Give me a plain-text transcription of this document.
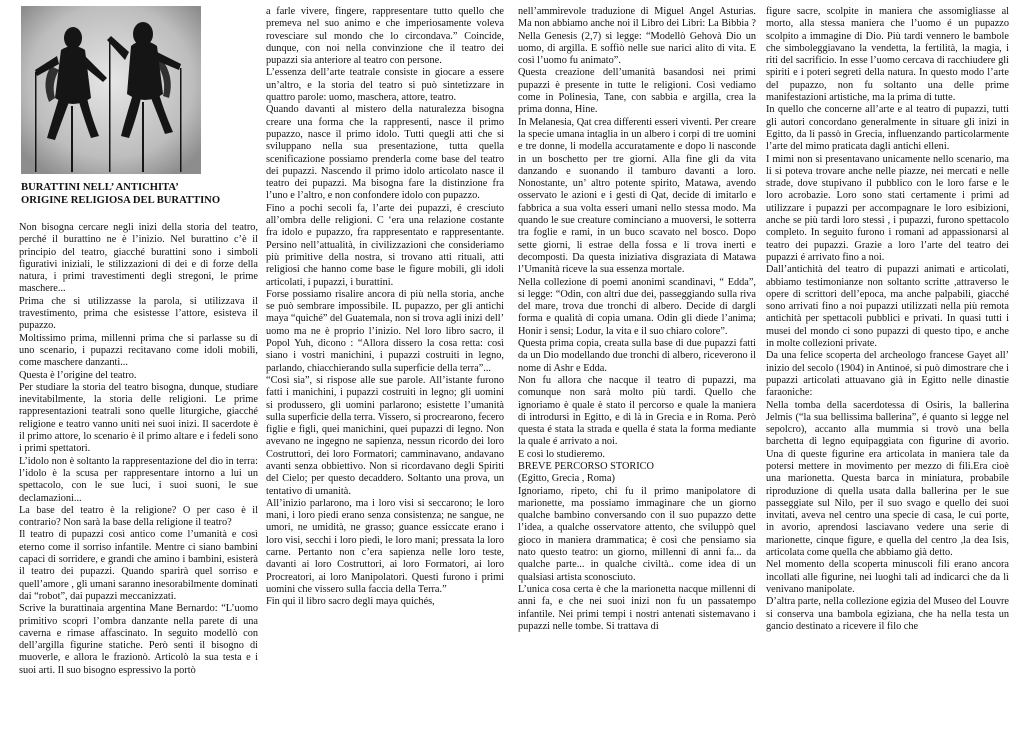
BURATTINI NELL’ ANTICHITA’
ORIGINE RELIGIOSA DEL BURATTINO

Non bisogna cercare negli inizi della storia del teatro, perché il burattino ne è l’inizio. Nel burattino c’è il principio del teatro, giacché burattini sono i simboli figurativi iniziali, le stilizzazioni di dei e di forze della natura, i primi travestimenti degli stregoni, le prime maschere...

Prima che si utilizzasse la parola, si utilizzava il travestimento, prima che esistesse l’attore, esisteva il pupazzo.

Moltissimo prima, millenni prima che si parlasse su di uno scenario, i pupazzi recitavano come idoli mobili, come maschere danzanti...

Questa è l’origine del teatro.

Per studiare la storia del teatro bisogna, dunque, studiare inevitabilmente, la storia delle religioni. Le prime rappresentazioni teatrali sono quelle liturgiche, giacché religione e teatro vanno uniti nei suoi inizi. Il sacerdote è il primo attore, lo scenario è il primo altare e i fedeli sono i primi spettatori.

L’idolo non è soltanto la rappresentazione del dio in terra: l’idolo è la scusa per rappresentare intorno a lui un spettacolo, con le sue luci, i suoi suoni, le sue declamazioni...

La base del teatro è la religione? O per caso è il contrario? Non sarà la base della religione il teatro?

Il teatro di pupazzi così antico come l’umanità e così eterno come il sorriso infantile. Mentre ci siano bambini capaci di sorridere, e grandi che amino i bambini, esisterà il teatro dei pupazzi. Quando sparirà quel sorriso e quell’amore , gli umani saranno inesorabilmente dominati dai “robot”, dai pupazzi meccanizzati.

Scrive la burattinaia argentina Mane Bernardo: “L’uomo primitivo scoprì l’ombra danzante nella parete di una caverna e rimase affascinato. In seguito modellò con dell’argilla figurine statiche. Però senti il bisogno di muoverle, e allora le frazionò. Articolò la sua testa e i suoi arti. Il suo bisogno espressivo la portò

a farle vivere, fingere, rappresentare tutto quello che premeva nel suo animo e che imperiosamente voleva rovesciare sul mondo che lo circondava.” Coincide, dunque, con noi nella convinzione che il teatro dei pupazzi sia anteriore al teatro con persone.

L’essenza dell’arte teatrale consiste in giocare a essere un’altro, e la storia del teatro si può sintetizzare in quattro parole: uomo, maschera, attore, teatro.

Quando davanti al mistero della naturalezza bisogna creare una forma che la rappresenti, nasce il primo pupazzo, nasce il primo idolo. Tutti quegli atti che si sviluppano nella sua presentazione, tutta quella scenificazione possiamo prenderla come base del teatro dei pupazzi. Nascendo il primo idolo articolato nasce il teatro dei pupazzi. Ma bisogna fare la distinzione fra l’uno e l’altro, e non confondere idolo con pupazzo.

Fino a pochi secoli fa, l’arte dei pupazzi, é cresciuto all’ombra delle religioni. C ‘era una relazione costante fra idolo e pupazzo, fra rappresentato e rappresentante. Persino nell’attualità, in civilizzazioni che consideriamo più primitive della nostra, si trovano atti rituali, atti religiosi che hanno come base le figure mobili, gli idoli articolati, i pupazzi, i burattini.

Forse possiamo risalire ancora di più nella storia, anche se può sembrare impossibile. IL pupazzo, per gli antichi maya “quiché” del Guatemala, non si trova agli inizi dell’ uomo ma ne è proprio l’inizio. Nel loro libro sacro, il Popol Yuh, dicono : “Allora dissero la cosa retta: così siano i vostri manichini, i pupazzi costruiti in legno, parlando, chiacchierando sulla superficie della terra”...

“Così sia”, si rispose alle sue parole. All’istante furono fatti i manichini, i pupazzi costruiti in legno; gli uomini si produssero, gli uomini parlarono; esistette l’umanità sulla superficie della terra. Vissero, si procrearono, fecero figlie e figli, quei manichini, quei pupazzi di legno. Non avevano ne ingegno ne sapienza, nessun ricordo dei loro Costruttori, dei loro Formatori; camminavano, andavano avanti senza obbiettivo. Non si ricordavano degli Spiriti del Cielo; per questo decaddero. Soltanto una prova, un tentativo di umanità.

All’inizio parlarono, ma i loro visi si seccarono; le loro mani, i loro piedi erano senza consistenza; ne sangue, ne umori, ne umidità, ne grasso; guance essiccate erano i loro visi, secchi i loro piedi, le loro mani; pressata la loro carne. Pertanto non c’era sapienza nelle loro teste, davanti ai loro Costruttori, ai loro Formatori, ai loro Procreatori, ai loro Manipolatori. Questi furono i primi uomini che vissero sulla faccia della Terra.”

Fin qui il libro sacro degli maya quichés,

nell’ammirevole traduzione di Miguel Angel Asturias. Ma non abbiamo anche noi il Libro dei Libri: La Bibbia ? Nella Genesis (2,7) si legge: “Modellò Gehovà Dio un uomo, di argilla. E soffiò nelle sue narici alito di vita. E così l’uomo fu animato”.

Questa creazione dell’umanità basandosi nei primi pupazzi è presente in tutte le religioni. Così vediamo come in Polinesia, Tane, con sabbia e argilla, crea la prima donna, Hine.

In Melanesia, Qat crea differenti esseri viventi. Per creare la specie umana intaglia in un albero i corpi di tre uomini e tre donne, li modella accuratamente e dopo li nasconde in un boschetto per tre giorni. Alla fine gli da vita danzando e suonando il tamburo davanti a loro. Nonostante, un’ altro potente spirito, Matawa, avendo osservato le azioni e i gesti di Qat, decide di imitarlo e fabbrica a sua volta esseri umani nello stessa modo. Ma quando le sue creature cominciano a muoversi, le sotterra tra foglie e rami, in un buco scavato nel bosco. Dopo sette giorni, li estrae della fossa e li trova inerti e decomposti. Da questa iniziativa disgraziata di Matawa l’Umanità riceve la sua essenza mortale.

Nella collezione di poemi anonimi scandinavi, “ Edda”, si legge: “Odin, con altri due dei, passeggiando sulla riva del mare, trova due tronchi di albero. Decide di dargli forma e qualità di copia umana. Odin gli diede l’anima; Honir i sensi; Lodur, la vita e il suo chiaro colore”.

Questa prima copia, creata sulla base di due pupazzi fatti da un Dio modellando due tronchi di albero, riceverono il nome di Ashr e Edda.

Non fu allora che nacque il teatro di pupazzi, ma comunque non sarà molto più tardi. Quello che ignoriamo è quale è stato il percorso e quale la maniera di introdursi in Egitto, e di là in Grecia e in Roma. Però questa é stata la strada e quella é stata la forma mediante la quale é arrivato a noi.

E così lo studieremo.

BREVE PERCORSO STORICO

(Egitto, Grecia , Roma)

Ignoriamo, ripeto, chi fu il primo manipolatore di marionette, ma possiamo immaginare che un giorno qualche bambino conversando con il suo pupazzo dette l’idea, a qualche osservatore attento, che sviluppò quel gioco in maniera drammatica; è così che pensiamo sia nato questo teatro: un giorno, millenni di anni fa... da qualche parte... in qualche civiltà.. come idea di un qualsiasi artista sconosciuto.

L’unica cosa certa è che la marionetta nacque millenni di anni fa, e che nei suoi inizi non fu un passatempo infantile. Nei primi tempi i nostri antenati sistemavano i pupazzi nelle tombe. Si trattava di

figure sacre, scolpite in maniera che assomigliasse al morto, alla stessa maniera che l’uomo é un pupazzo scolpito a immagine di Dio. Più tardi vennero le bambole che simboleggiavano la vendetta, la fertilità, la magia, i riti del sacrificio. In esse l’uomo cercava di racchiudere gli spiriti e i poteri segreti della natura. In questo modo l’arte del pupazzo, non fu soltanto una delle prime manifestazioni artistiche, ma la prima di tutte.

In quello che concerne all’arte e al teatro di pupazzi, tutti gli autori concordano generalmente in situare gli inizi in Egitto, da lì passò in Grecia, influenzando particolarmente l’arte del mimo praticata dagli antichi elleni.

I mimi non si presentavano unicamente nello scenario, ma li si poteva trovare anche nelle piazze, nei mercati e nelle strade, dove stupivano il pubblico con le loro farse e le loro acrobazie. Loro sono stati certamente i primi ad utilizzare i pupazzi per accompagnare le loro esibizioni, anche se più tardi loro stessi , i pupazzi, furono spettacolo completo. In seguito furono i romani ad appassionarsi al teatro dei pupazzi. Grazie a loro l’arte del teatro dei pupazzi é arrivato fino a noi.

Dall’antichità del teatro di pupazzi animati e articolati, abbiamo testimonianze non soltanto scritte ,attraverso le opere di scrittori dell’epoca, ma anche palpabili, giacché sono arrivati fino a noi pupazzi utilizzati nella più remota antichità per spettacoli pubblici e privati. In quasi tutti i musei del mondo ci sono pupazzi di questo tipo, e anche in molte collezioni private.

Da una felice scoperta del archeologo francese Gayet all’ inizio del secolo (1904) in Antinoé, si può dimostrare che i pupazzi articolati attuavano già in Egitto nelle dinastie faraoniche:

Nella tomba della sacerdotessa di Osiris, la ballerina Jelmis (“la sua bellissima ballerina”, é quanto si legge nel sepolcro), accanto alla mummia si trovò una bella barchetta di legno equipaggiata con figurine di avorio. Una di queste figurine era articolata in maniera tale da potersi mettere in movimento per mezzo di fili.Era cioè una marionetta. Questa barca in miniatura, probabile riproduzione di quella usata dalla ballerina per le sue passeggiate sul Nilo, per il suo svago e quello dei suoi invitati, aveva nel centro una specie di casa, le cui porte, in avorio, aprendosi lasciavano vedere una serie di marionette, cinque figure, e quella del centro ,la dea Isis, articolata come quella che abbiamo già detto.

Nel momento della scoperta minuscoli fili erano ancora incollati alle figurine, nei luoghi tali ad indicarci che da lì venivano manipolate.

D’altra parte, nella collezione egizia del Museo del Louvre si conserva una bambola egiziana, che ha nella testa un gancio destinato a ricevere il filo che
